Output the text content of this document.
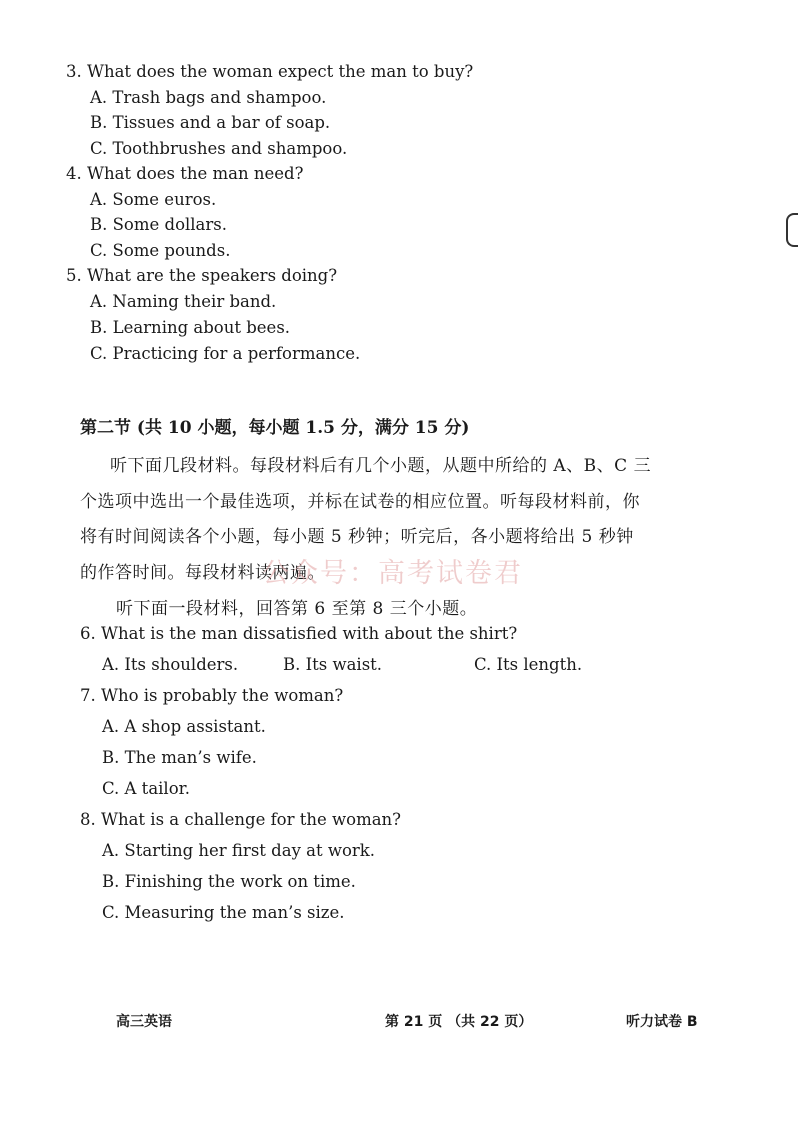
3. What does the woman expect the man to buy?
A. Trash bags and shampoo.
B. Tissues and a bar of soap.
C. Toothbrushes and shampoo.
4. What does the man need?
A. Some euros.
B. Some dollars.
C. Some pounds.
5. What are the speakers doing?
A. Naming their band.
B. Learning about bees.
C. Practicing for a performance.
第二节 (共 10 小题，每小题 1.5 分，满分 15 分)
听下面几段材料。每段材料后有几个小题，从题中所给的 A、B、C 三
个选项中选出一个最佳选项，并标在试卷的相应位置。听每段材料前，你
将有时间阅读各个小题，每小题 5 秒钟；听完后，各小题将给出 5 秒钟
的作答时间。每段材料读两遍。
公众号：高考试卷君
听下面一段材料，回答第 6 至第 8 三个小题。
6. What is the man dissatisfied with about the shirt?
A. Its shoulders.	B. Its waist.	C. Its length.
7. Who is probably the woman?
A. A shop assistant.
B. The man’s wife.
C. A tailor.
8. What is a challenge for the woman?
A. Starting her first day at work.
B. Finishing the work on time.
C. Measuring the man’s size.
高三英语	第 21 页 （共 22 页）	听力试卷 B
